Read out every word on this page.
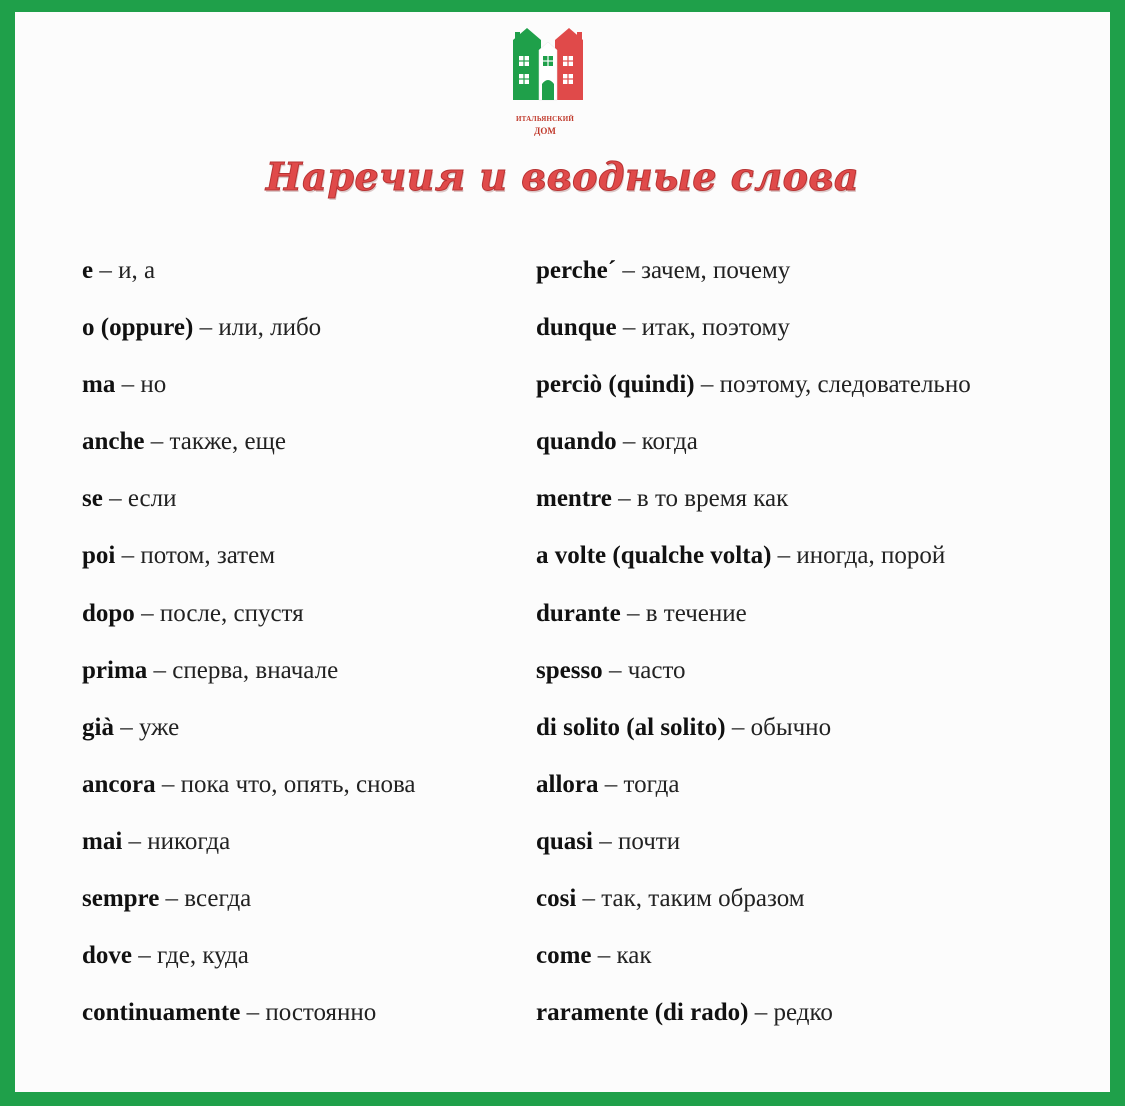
ИТАЛЬЯНСКИЙ
ДОМ
Наречия и вводные слова
e – и, а
o (oppure) – или, либо
ma – но
anche – также, еще
se – если
poi – потом, затем
dopo – после, спустя
prima – сперва, вначале
già – уже
ancora – пока что, опять, снова
mai – никогда
sempre – всегда
dove – где, куда
continuamente – постоянно
perche´ – зачем, почему
dunque – итак, поэтому
perciò (quindi) – поэтому, следовательно
quando – когда
mentre – в то время как
a volte (qualche volta) – иногда, порой
durante – в течение
spesso – часто
di solito (al solito) – обычно
allora – тогда
quasi – почти
cosi – так, таким образом
come – как
raramente (di rado) – редко
